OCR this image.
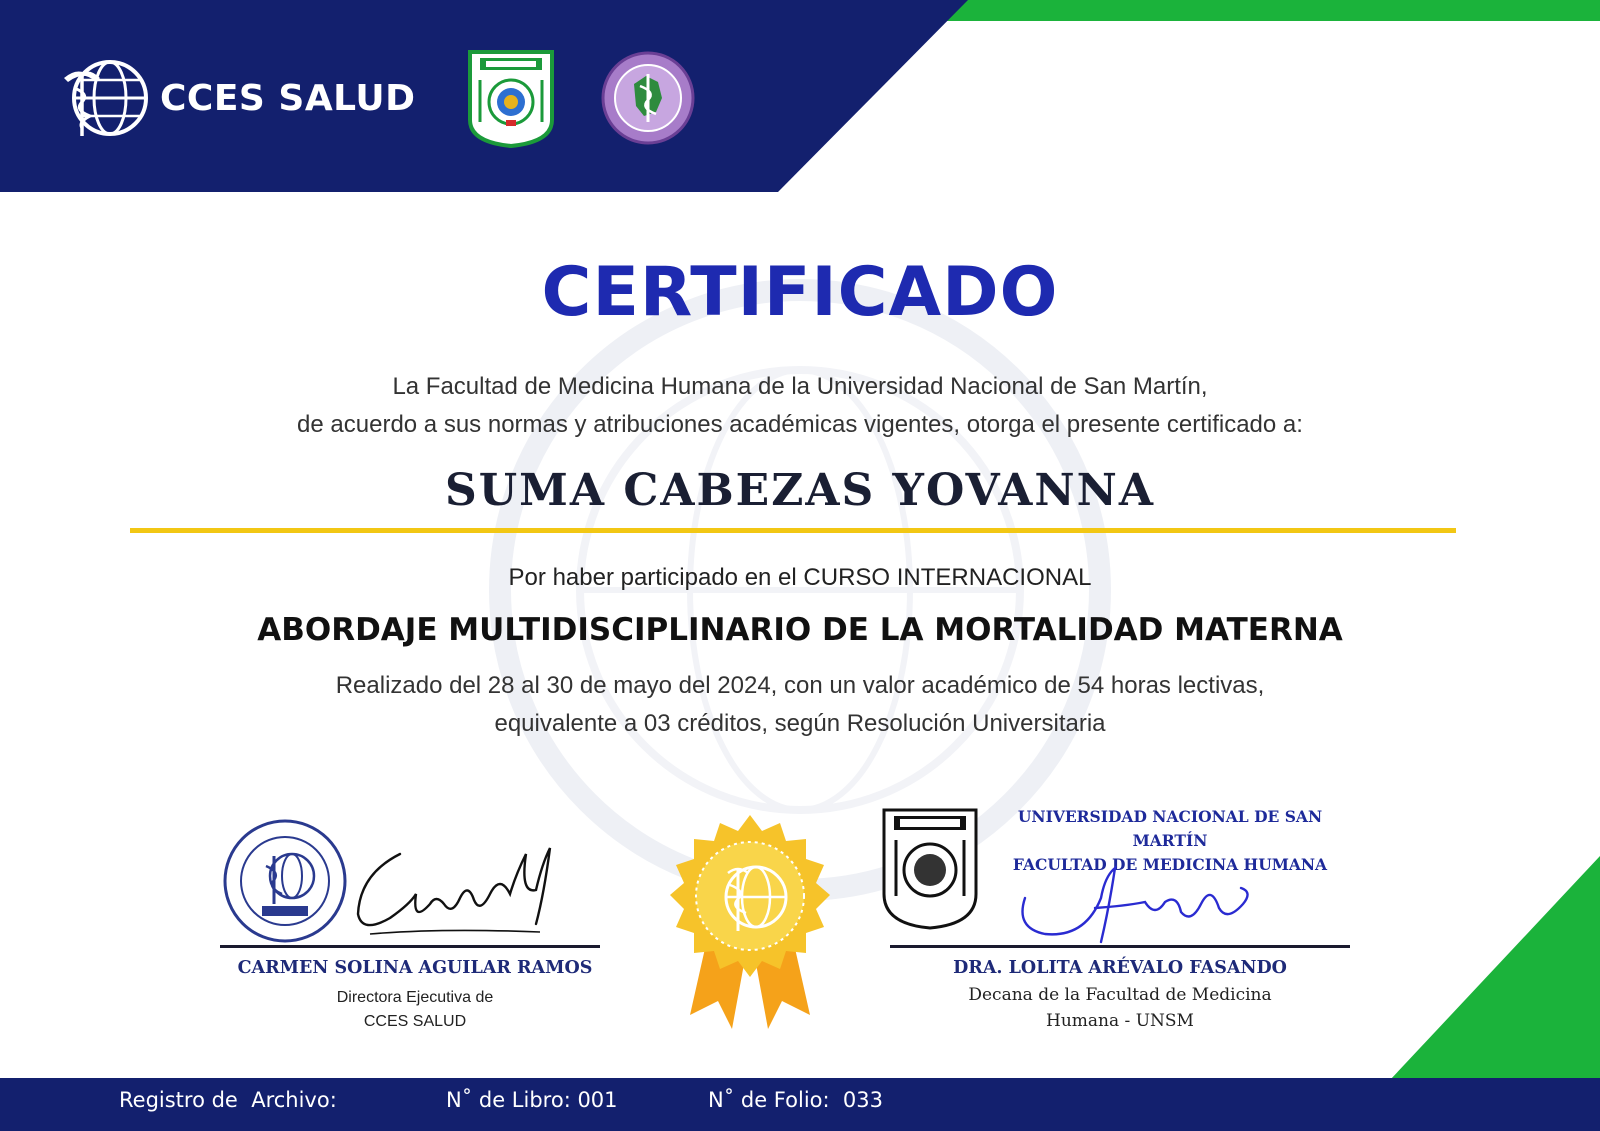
CCES SALUD
CERTIFICADO
La Facultad de Medicina Humana de la Universidad Nacional de San Martín,
de acuerdo a sus normas y atribuciones académicas vigentes, otorga el presente certificado a:
SUMA CABEZAS YOVANNA
Por haber participado en el CURSO INTERNACIONAL
ABORDAJE MULTIDISCIPLINARIO DE LA MORTALIDAD MATERNA
Realizado del 28 al 30 de mayo del 2024, con un valor académico de 54 horas lectivas,
equivalente a 03 créditos, según Resolución Universitaria
CARMEN SOLINA AGUILAR RAMOS
Directora Ejecutiva de
CCES SALUD
UNIVERSIDAD NACIONAL DE SAN MARTÍN
FACULTAD DE MEDICINA HUMANA
DRA. LOLITA ARÉVALO FASANDO
Decana de la Facultad de Medicina
Humana - UNSM
Registro de  Archivo:	N˚ de Libro: 001	N˚ de Folio:  033
